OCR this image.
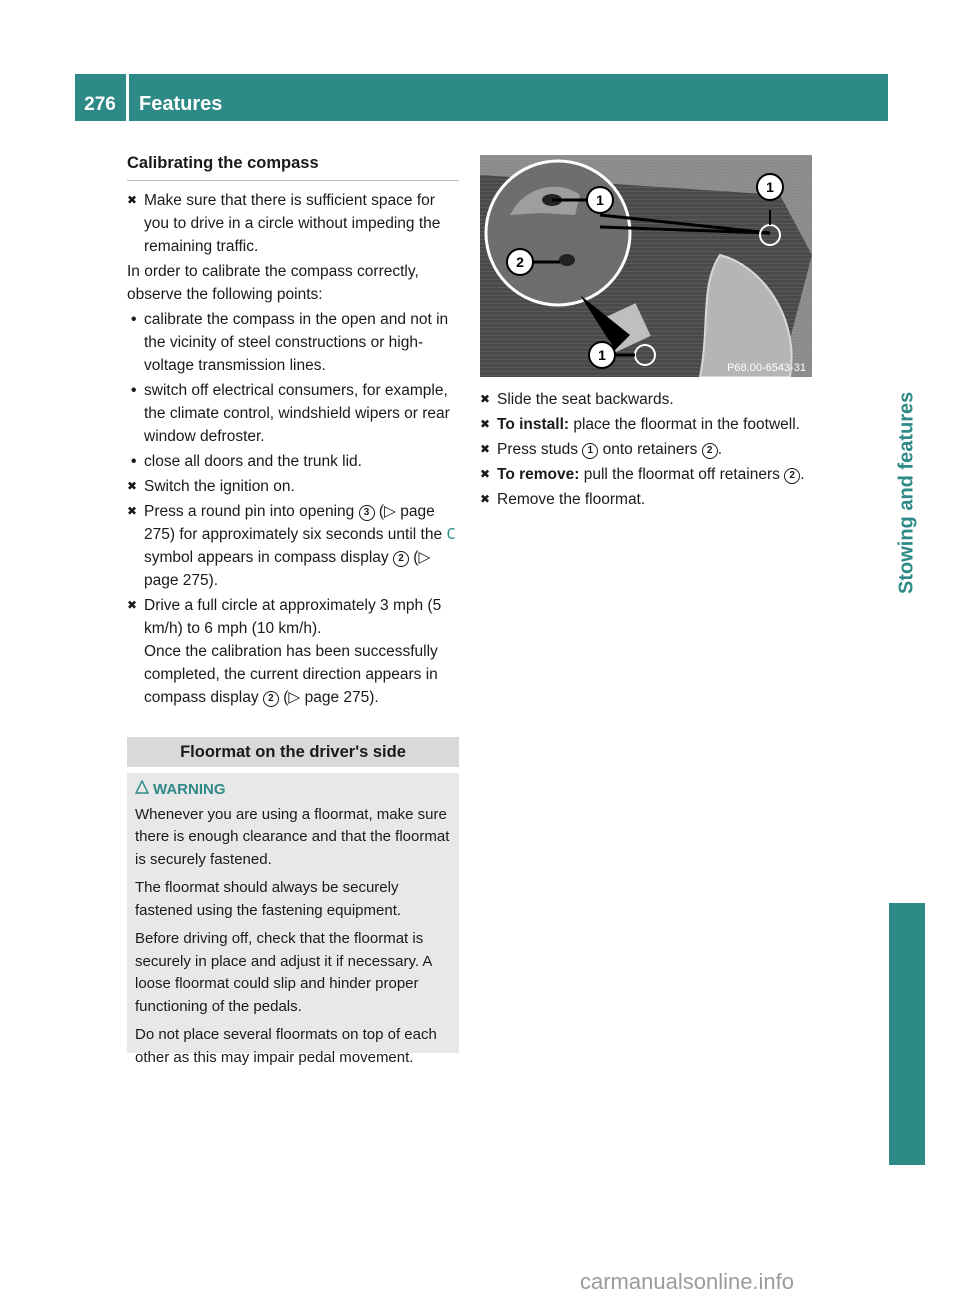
276	Features
Stowing and features
Calibrating the compass
✖ Make sure that there is sufficient space for you to drive in a circle without impeding the remaining traffic.
In order to calibrate the compass correctly, observe the following points:
• calibrate the compass in the open and not in the vicinity of steel constructions or high-voltage transmission lines.
• switch off electrical consumers, for example, the climate control, windshield wipers or rear window defroster.
• close all doors and the trunk lid.
✖ Switch the ignition on.
✖ Press a round pin into opening 3 (▷ page 275) for approximately six seconds until the C symbol appears in compass display 2 (▷ page 275).
✖ Drive a full circle at approximately 3 mph (5 km/h) to 6 mph (10 km/h).
Once the calibration has been successfully completed, the current direction appears in compass display 2 (▷ page 275).
Floormat on the driver's side
WARNING

Whenever you are using a floormat, make sure there is enough clearance and that the floormat is securely fastened.

The floormat should always be securely fastened using the fastening equipment.

Before driving off, check that the floormat is securely in place and adjust it if necessary. A loose floormat could slip and hinder proper functioning of the pedals.

Do not place several floormats on top of each other as this may impair pedal movement.

1
2
1
1
P68.00-6543-31
✖ Slide the seat backwards.
✖ To install: place the floormat in the footwell.
✖ Press studs 1 onto retainers 2 .
✖ To remove: pull the floormat off retainers 2 .
✖ Remove the floormat.
carmanualsonline.info
